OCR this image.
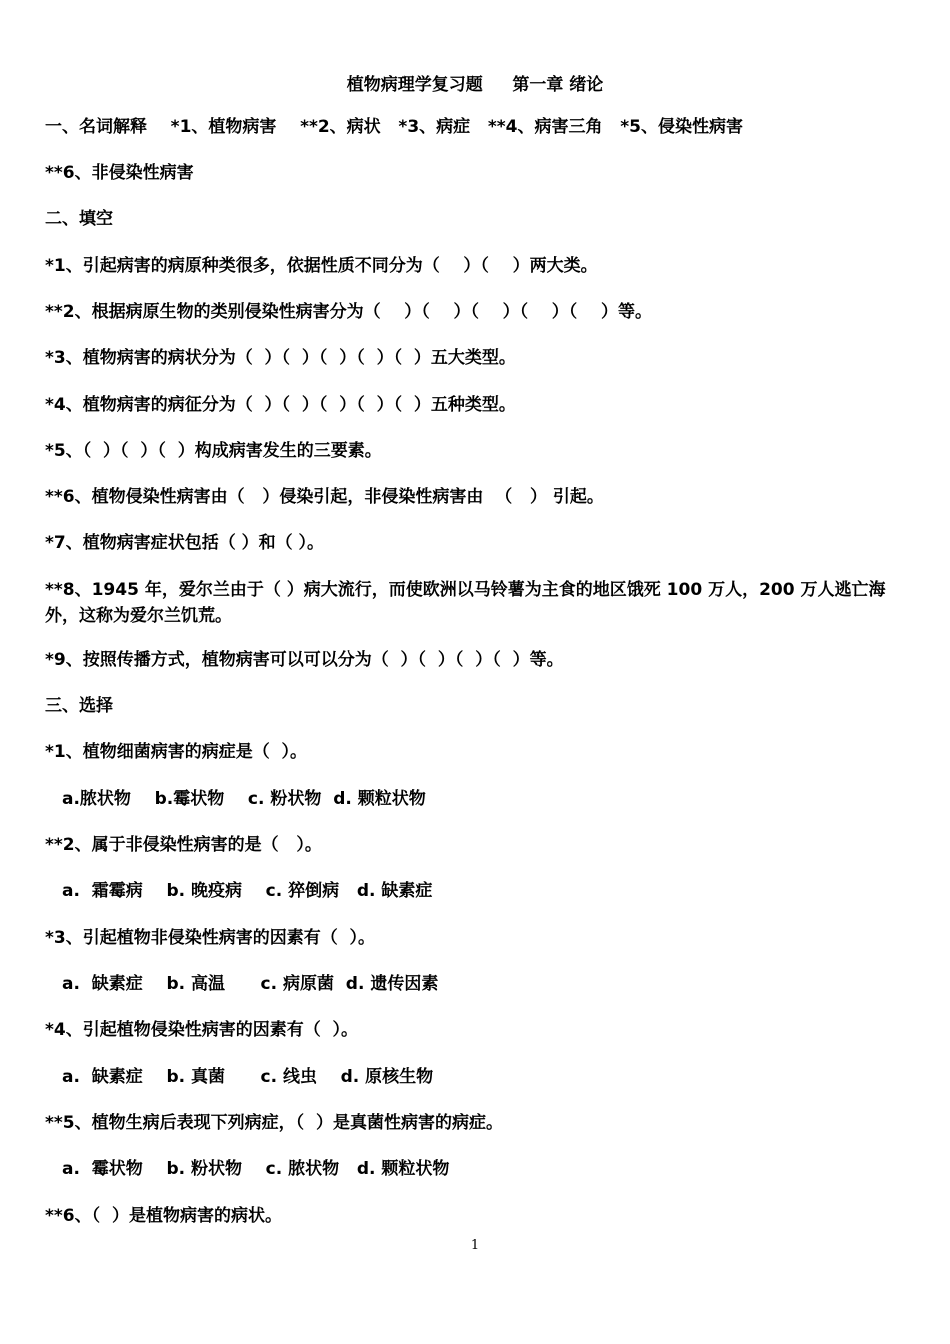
植物病理学复习题     第一章 绪论
一、名词解释    *1、植物病害    **2、病状   *3、病症   **4、病害三角   *5、侵染性病害
**6、非侵染性病害
二、填空
*1、引起病害的病原种类很多，依据性质不同分为（    ）（    ）两大类。
**2、根据病原生物的类别侵染性病害分为（    ）（    ）（    ）（    ）（    ）等。
*3、植物病害的病状分为（  ）（  ）（  ）（  ）（  ）五大类型。
*4、植物病害的病征分为（  ）（  ）（  ）（  ）（  ）五种类型。
*5、（  ）（  ）（  ）构成病害发生的三要素。
**6、植物侵染性病害由（   ）侵染引起，非侵染性病害由  （   ） 引起。
*7、植物病害症状包括（ ）和（ ）。
**8、1945 年，爱尔兰由于（ ）病大流行，而使欧洲以马铃薯为主食的地区饿死 100 万人，200 万人逃亡海外，这称为爱尔兰饥荒。
*9、按照传播方式，植物病害可以可以分为（  ）（  ）（  ）（  ）等。
三、选择
*1、植物细菌病害的病症是（  ）。
a.脓状物    b.霉状物    c. 粉状物  d. 颗粒状物
**2、属于非侵染性病害的是（   ）。
a.  霜霉病    b. 晚疫病    c. 猝倒病   d. 缺素症
*3、引起植物非侵染性病害的因素有（  ）。
a.  缺素症    b. 高温      c. 病原菌  d. 遗传因素
*4、引起植物侵染性病害的因素有（  ）。
a.  缺素症    b. 真菌      c. 线虫    d. 原核生物
**5、植物生病后表现下列病症，（  ）是真菌性病害的病症。
a.  霉状物    b. 粉状物    c. 脓状物   d. 颗粒状物
**6、（  ）是植物病害的病状。
1
